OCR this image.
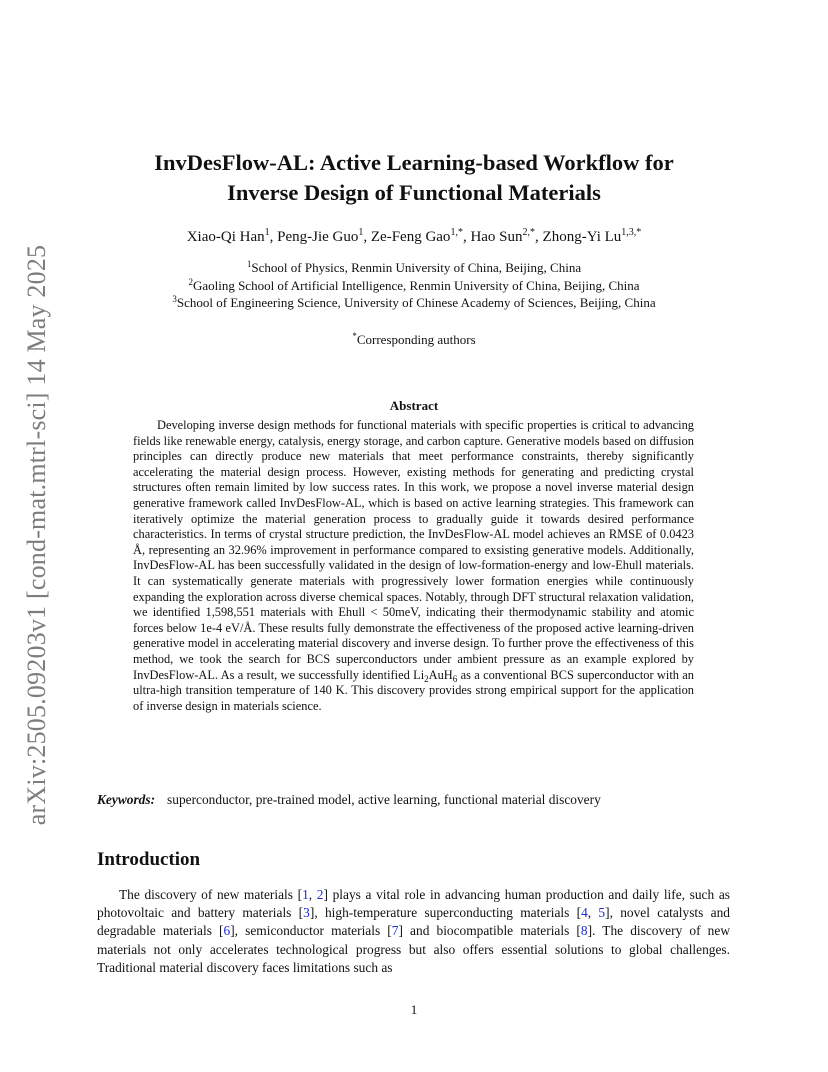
arXiv:2505.09203v1 [cond-mat.mtrl-sci] 14 May 2025
InvDesFlow-AL: Active Learning-based Workflow for
Inverse Design of Functional Materials
Xiao-Qi Han$^1$, Peng-Jie Guo$^1$, Ze-Feng Gao$^{1,*}$, Hao Sun$^{2,*}$, Zhong-Yi $Lu^{1,3,*}$
$^1$School of Physics, Renmin University of China, Beijing, China
$^2$Gaoling School of Artificial Intelligence, Renmin University of China, Beijing, China
$^3$School of Engineering Science, University of Chinese Academy of Sciences, Beijing, China
*Corresponding authors
Abstract
Developing inverse design methods for functional materials with specific properties is critical to advancing fields like renewable energy, catalysis, energy storage, and carbon capture. Generative models based on diffusion principles can directly produce new materials that meet performance constraints, thereby significantly accelerating the material design process. However, existing methods for generating and predicting crystal structures often remain limited by low success rates. In this work, we propose a novel inverse material design generative framework called InvDesFlow-AL, which is based on active learning strategies. This framework can iteratively optimize the material generation process to gradually guide it towards desired performance characteristics. In terms of crystal structure prediction, the InvDesFlow-AL model achieves an RMSE of 0.0423 Å, representing an 32.96% improvement in performance compared to exsisting generative models. Additionally, InvDesFlow-AL has been successfully validated in the design of low-formation-energy and low-Ehull materials. It can systematically generate materials with progressively lower formation energies while continuously expanding the exploration across diverse chemical spaces. Notably, through DFT structural relaxation validation, we identified 1,598,551 materials with Ehull < 50meV, indicating their thermodynamic stability and atomic forces below 1e-4 eV/Å. These results fully demonstrate the effectiveness of the proposed active learning-driven generative model in accelerating material discovery and inverse design. To further prove the effectiveness of this method, we took the search for BCS superconductors under ambient pressure as an example explored by InvDesFlow-AL. As a result, we successfully identified $Li_2AuH_6$ as a conventional BCS superconductor with an ultra-high transition temperature of 140 K. This discovery provides strong empirical support for the application of inverse design in materials science.
Keywords: superconductor, pre-trained model, active learning, functional material discovery
Introduction
The discovery of new materials [1, 2] plays a vital role in advancing human production and daily life, such as photovoltaic and battery materials [3], high-temperature superconducting materials [4, 5], novel catalysts and degradable materials [6], semiconductor materials [7] and biocompatible materials [8]. The discovery of new materials not only accelerates technological progress but also offers essential solutions to global challenges. Traditional material discovery faces limitations such as
1
